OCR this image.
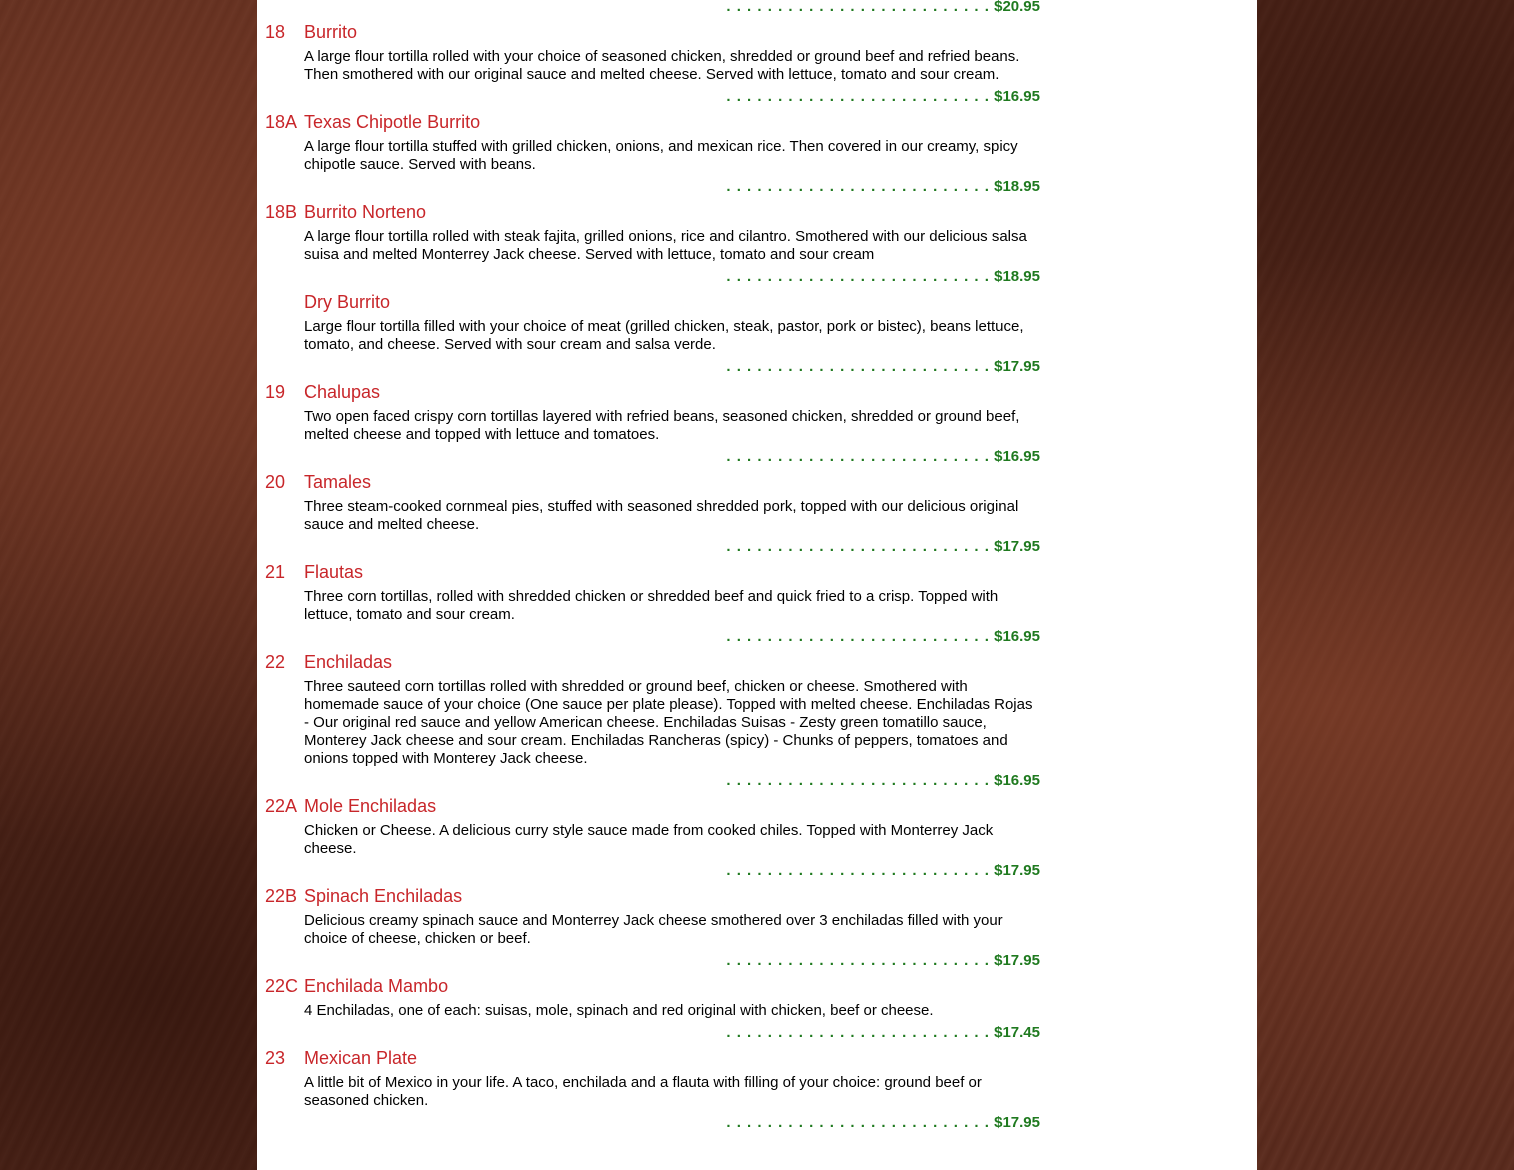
. . . . . . . . . . . . . . . . . . . . . . . . . . $20.95
18	Burrito
A large flour tortilla rolled with your choice of seasoned chicken, shredded or ground beef and refried beans. Then smothered with our original sauce and melted cheese. Served with lettuce, tomato and sour cream.
. . . . . . . . . . . . . . . . . . . . . . . . . . $16.95
18A Texas Chipotle Burrito
A large flour tortilla stuffed with grilled chicken, onions, and mexican rice. Then covered in our creamy, spicy chipotle sauce. Served with beans.
. . . . . . . . . . . . . . . . . . . . . . . . . . $18.95
18B Burrito Norteno
A large flour tortilla rolled with steak fajita, grilled onions, rice and cilantro. Smothered with our delicious salsa suisa and melted Monterrey Jack cheese. Served with lettuce, tomato and sour cream
. . . . . . . . . . . . . . . . . . . . . . . . . . $18.95
Dry Burrito
Large flour tortilla filled with your choice of meat (grilled chicken, steak, pastor, pork or bistec), beans lettuce, tomato, and cheese. Served with sour cream and salsa verde.
. . . . . . . . . . . . . . . . . . . . . . . . . . $17.95
19	Chalupas
Two open faced crispy corn tortillas layered with refried beans, seasoned chicken, shredded or ground beef, melted cheese and topped with lettuce and tomatoes.
. . . . . . . . . . . . . . . . . . . . . . . . . . $16.95
20	Tamales
Three steam-cooked cornmeal pies, stuffed with seasoned shredded pork, topped with our delicious original sauce and melted cheese.
. . . . . . . . . . . . . . . . . . . . . . . . . . $17.95
21	Flautas
Three corn tortillas, rolled with shredded chicken or shredded beef and quick fried to a crisp. Topped with lettuce, tomato and sour cream.
. . . . . . . . . . . . . . . . . . . . . . . . . . $16.95
22	Enchiladas
Three sauteed corn tortillas rolled with shredded or ground beef, chicken or cheese. Smothered with homemade sauce of your choice (One sauce per plate please). Topped with melted cheese. Enchiladas Rojas - Our original red sauce and yellow American cheese. Enchiladas Suisas - Zesty green tomatillo sauce, Monterey Jack cheese and sour cream. Enchiladas Rancheras (spicy) - Chunks of peppers, tomatoes and onions topped with Monterey Jack cheese.
. . . . . . . . . . . . . . . . . . . . . . . . . . $16.95
22A Mole Enchiladas
Chicken or Cheese. A delicious curry style sauce made from cooked chiles. Topped with Monterrey Jack cheese.
. . . . . . . . . . . . . . . . . . . . . . . . . . $17.95
22B Spinach Enchiladas
Delicious creamy spinach sauce and Monterrey Jack cheese smothered over 3 enchiladas filled with your choice of cheese, chicken or beef.
. . . . . . . . . . . . . . . . . . . . . . . . . . $17.95
22C Enchilada Mambo
4 Enchiladas, one of each: suisas, mole, spinach and red original with chicken, beef or cheese.
. . . . . . . . . . . . . . . . . . . . . . . . . . $17.45
23	Mexican Plate
A little bit of Mexico in your life. A taco, enchilada and a flauta with filling of your choice: ground beef or seasoned chicken.
. . . . . . . . . . . . . . . . . . . . . . . . . . $17.95
